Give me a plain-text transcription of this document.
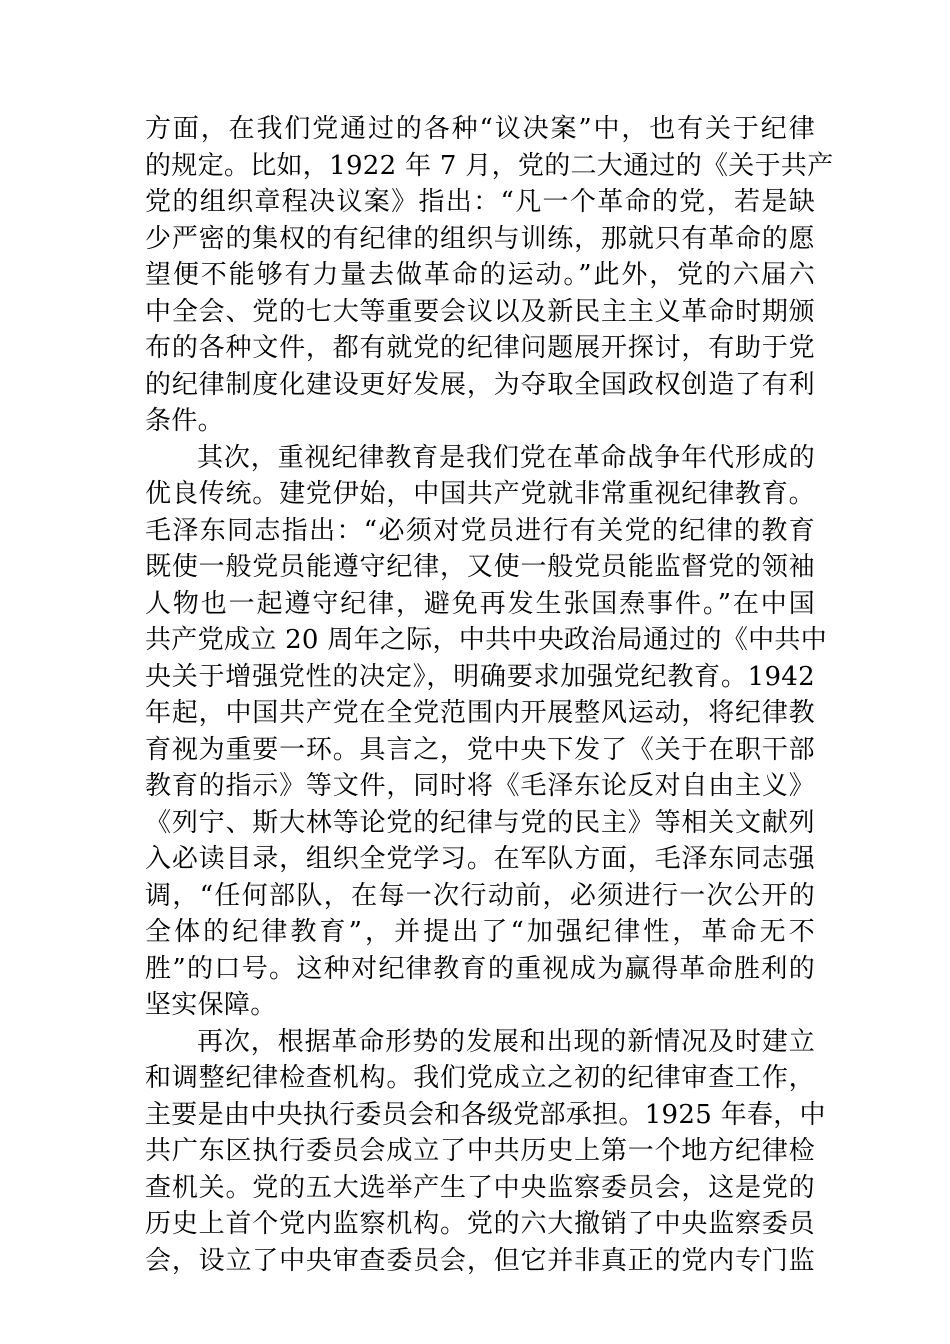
方面，在我们党通过的各种“议决案”中，也有关于纪律
的规定。比如，1922 年 7 月，党的二大通过的《关于共产
党的组织章程决议案》指出：“凡一个革命的党，若是缺
少严密的集权的有纪律的组织与训练，那就只有革命的愿
望便不能够有力量去做革命的运动。”此外，党的六届六
中全会、党的七大等重要会议以及新民主主义革命时期颁
布的各种文件，都有就党的纪律问题展开探讨，有助于党
的纪律制度化建设更好发展，为夺取全国政权创造了有利
条件。
其次，重视纪律教育是我们党在革命战争年代形成的
优良传统。建党伊始，中国共产党就非常重视纪律教育。
毛泽东同志指出：“必须对党员进行有关党的纪律的教育
既使一般党员能遵守纪律，又使一般党员能监督党的领袖
人物也一起遵守纪律，避免再发生张国焘事件。”在中国
共产党成立 20 周年之际，中共中央政治局通过的《中共中
央关于增强党性的决定》，明确要求加强党纪教育。1942
年起，中国共产党在全党范围内开展整风运动，将纪律教
育视为重要一环。具言之，党中央下发了《关于在职干部
教育的指示》等文件，同时将《毛泽东论反对自由主义》
《列宁、斯大林等论党的纪律与党的民主》等相关文献列
入必读目录，组织全党学习。在军队方面，毛泽东同志强
调，“任何部队，在每一次行动前，必须进行一次公开的
全体的纪律教育”，并提出了“加强纪律性，革命无不
胜”的口号。这种对纪律教育的重视成为赢得革命胜利的
坚实保障。
再次，根据革命形势的发展和出现的新情况及时建立
和调整纪律检查机构。我们党成立之初的纪律审查工作，
主要是由中央执行委员会和各级党部承担。1925 年春，中
共广东区执行委员会成立了中共历史上第一个地方纪律检
查机关。党的五大选举产生了中央监察委员会，这是党的
历史上首个党内监察机构。党的六大撤销了中央监察委员
会，设立了中央审查委员会，但它并非真正的党内专门监
